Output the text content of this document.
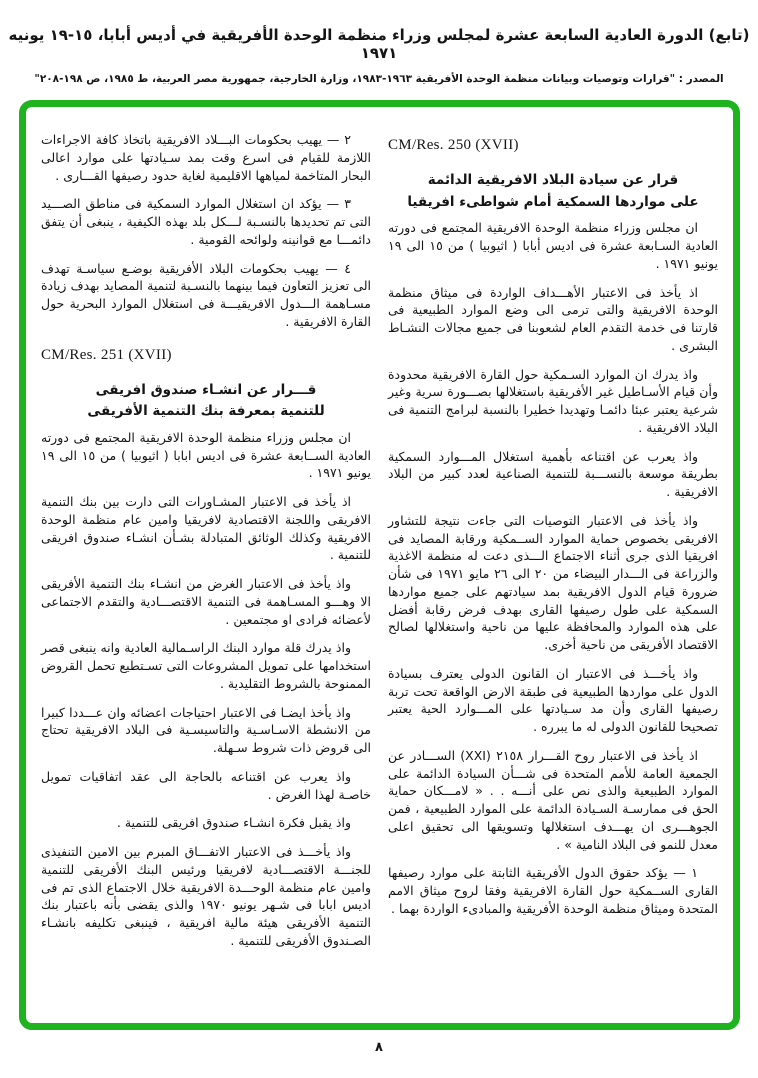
(تابع) الدورة العادية السابعة عشرة لمجلس وزراء منظمة الوحدة الأفريقية في أديس أبابا، ١٥-١٩ يونيه ١٩٧١
المصدر : "قرارات وتوصيات وبيانات منظمة الوحدة الأفريقية ١٩٦٣-١٩٨٣، وزارة الخارجية، جمهورية مصر العربية، ط ١٩٨٥، ص ١٩٨-٢٠٨"
CM/Res. 250 (XVII)
قرار عن سيادة البلاد الافريقية الدائمة
على مواردها السمكية أمام شواطىء افريقيا

ان مجلس وزراء منظمة الوحدة الافريقية المجتمع فى دورته العادية السـابعة عشرة فى اديس أبابا ( اثيوبيا ) من ١٥ الى ١٩ يونيو ١٩٧١ .

اذ يأخذ فى الاعتبار الأهـــداف الواردة فى ميثاق منظمة الوحدة الافريقية والتى ترمى الى وضع الموارد الطبيعية فى قارتنا فى خدمة التقدم العام لشعوبنا فى جميع مجالات النشـاط البشرى .

واذ يدرك ان الموارد السـمكية حول القارة الافريقية محدودة وأن قيام الأسـاطيل غير الأفريقية باستغلالها بصـــورة سرية وغير شرعية يعتبر عبئا دائمـا وتهديدا خطيرا بالنسبة لبرامج التنمية فى البلاد الافريقية .

واذ يعرب عن اقتناعه بأهمية استغلال المـــوارد السمكية بطريقة موسعة بالنســـبة للتنمية الصناعية لعدد كبير من البلاد الافريقية .

واذ يأخذ فى الاعتبار التوصيات التى جاءت نتيجة للتشاور الافريقى بخصوص حماية الموارد الســمكية ورقابة المصايد فى افريقيا الذى جرى أثناء الاجتماع الـــذى دعت له منظمة الاغذية والزراعة فى الـــدار البيضاء من ٢٠ الى ٢٦ مايو ١٩٧١ فى شأن ضرورة قيام الدول الافريقية بمد سيادتهم على جميع مواردها السمكية على طول رصيفها القارى بهدف فرض رقابة أفضل على هذه الموارد والمحافظة عليها من ناحية واستغلالها لصالح الاقتصاد الأفريقى من ناحية أخرى.

واذ يأخـــذ فى الاعتبار ان القانون الدولى يعترف بسيادة الدول على مواردها الطبيعية فى طبقة الارض الواقعة تحت تربة رصيفها القارى وأن مد سـيادتها على المـــوارد الحية يعتبر تصحيحا للقانون الدولى له ما يبرره .

اذ يأخذ فى الاعتبار روح القـــرار ٢١٥٨ (XXI) الســـادر عن الجمعية العامة للأمم المتحدة فى شـــأن السيادة الدائمة على الموارد الطبيعية والذى نص على أنـــه . . « لامـــكان حماية الحق فى ممارسـة السـيادة الدائمة على الموارد الطبيعية ، فمن الجوهـــرى ان يهـــدف استغلالها وتسويقها الى تحقيق اعلى معدل للنمو فى البلاد النامية » .

١ — يؤكد حقوق الدول الأفريقية الثابتة على موارد رصيفها القارى الســمكية حول القارة الافريقية وفقا لروح ميثاق الامم المتحدة وميثاق منظمة الوحدة الأفريقية والمبادىء الواردة بهما .

٢ — يهيب بحكومات البـــلاد الافريقية باتخاذ كافة الاجراءات اللازمة للقيام فى اسرع وقت بمد سـيادتها على موارد اعالى البحار المتاخمة لمياهها الاقليمية لغاية حدود رصيفها القـــارى .

٣ — يؤكد ان استغلال الموارد السمكية فى مناطق الصـــيد التى تم تحديدها بالنسـبة لـــكل بلد بهذه الكيفية ، ينبغى أن يتفق دائمـــا مع قوانينه ولوائحه القومية .

٤ — يهيب بحكومات البلاد الأفريقية بوضـع سياسـة تهدف الى تعزيز التعاون فيما بينهما بالنسـبة لتنمية المصايد بهدف زيادة مسـاهمة الـــدول الافريقيـــة فى استغلال الموارد البحرية حول القارة الافريقية .

CM/Res. 251 (XVII)
قـــرار عن انشـاء صندوق افريقى
للتنمية بمعرفة بنك التنمية الأفريقى

ان مجلس وزراء منظمة الوحدة الافريقية المجتمع فى دورته العادية الســابعة عشرة فى اديس ابابا ( اثيوبيا ) من ١٥ الى ١٩ يونيو ١٩٧١ .

اذ يأخذ فى الاعتبار المشـاورات التى دارت بين بنك التنمية الافريقى واللجنة الاقتصادية لافريقيا وامين عام منظمة الوحدة الافريقية وكذلك الوثائق المتبادلة بشـأن انشـاء صندوق افريقى للتنمية .

واذ يأخذ فى الاعتبار الغرض من انشـاء بنك التنمية الأفريقى الا وهـــو المسـاهمة فى التنمية الاقتصـــادية والتقدم الاجتماعى لأعضائه فرادى او مجتمعين .

واذ يدرك قلة موارد البنك الراسـمالية العادية وانه ينبغى قصر استخدامها على تمويل المشروعات التى تسـتطيع تحمل القروض الممنوحة بالشروط التقليدية .

واذ يأخذ ايضـا فى الاعتبار احتياجات اعضائه وان عـــددا كبيرا من الانشطة الاسـاسـية والتاسيسـية فى البلاد الافريقية تحتاج الى قروض ذات شروط سـهلة.

واذ يعرب عن اقتناعه بالحاجة الى عقد اتفاقيات تمويل خاصـة لهذا الغرض .

واذ يقبل فكرة انشـاء صندوق افريقى للتنمية .

واذ يأخـــذ فى الاعتبار الاتفـــاق المبرم بين الامين التنفيذى للجنـــة الاقتصـــادية لافريقيا ورئيس البنك الأفريقى للتنمية وامين عام منظمة الوحـــدة الافريقية خلال الاجتماع الذى تم فى اديس ابابا فى شـهر يونيو ١٩٧٠ والذى يقضى بأنه باعتبار بنك التنمية الأفريقى هيئة مالية افريقية ، فينبغى تكليفه بانشـاء الصـندوق الأفريقى للتنمية .

٨
